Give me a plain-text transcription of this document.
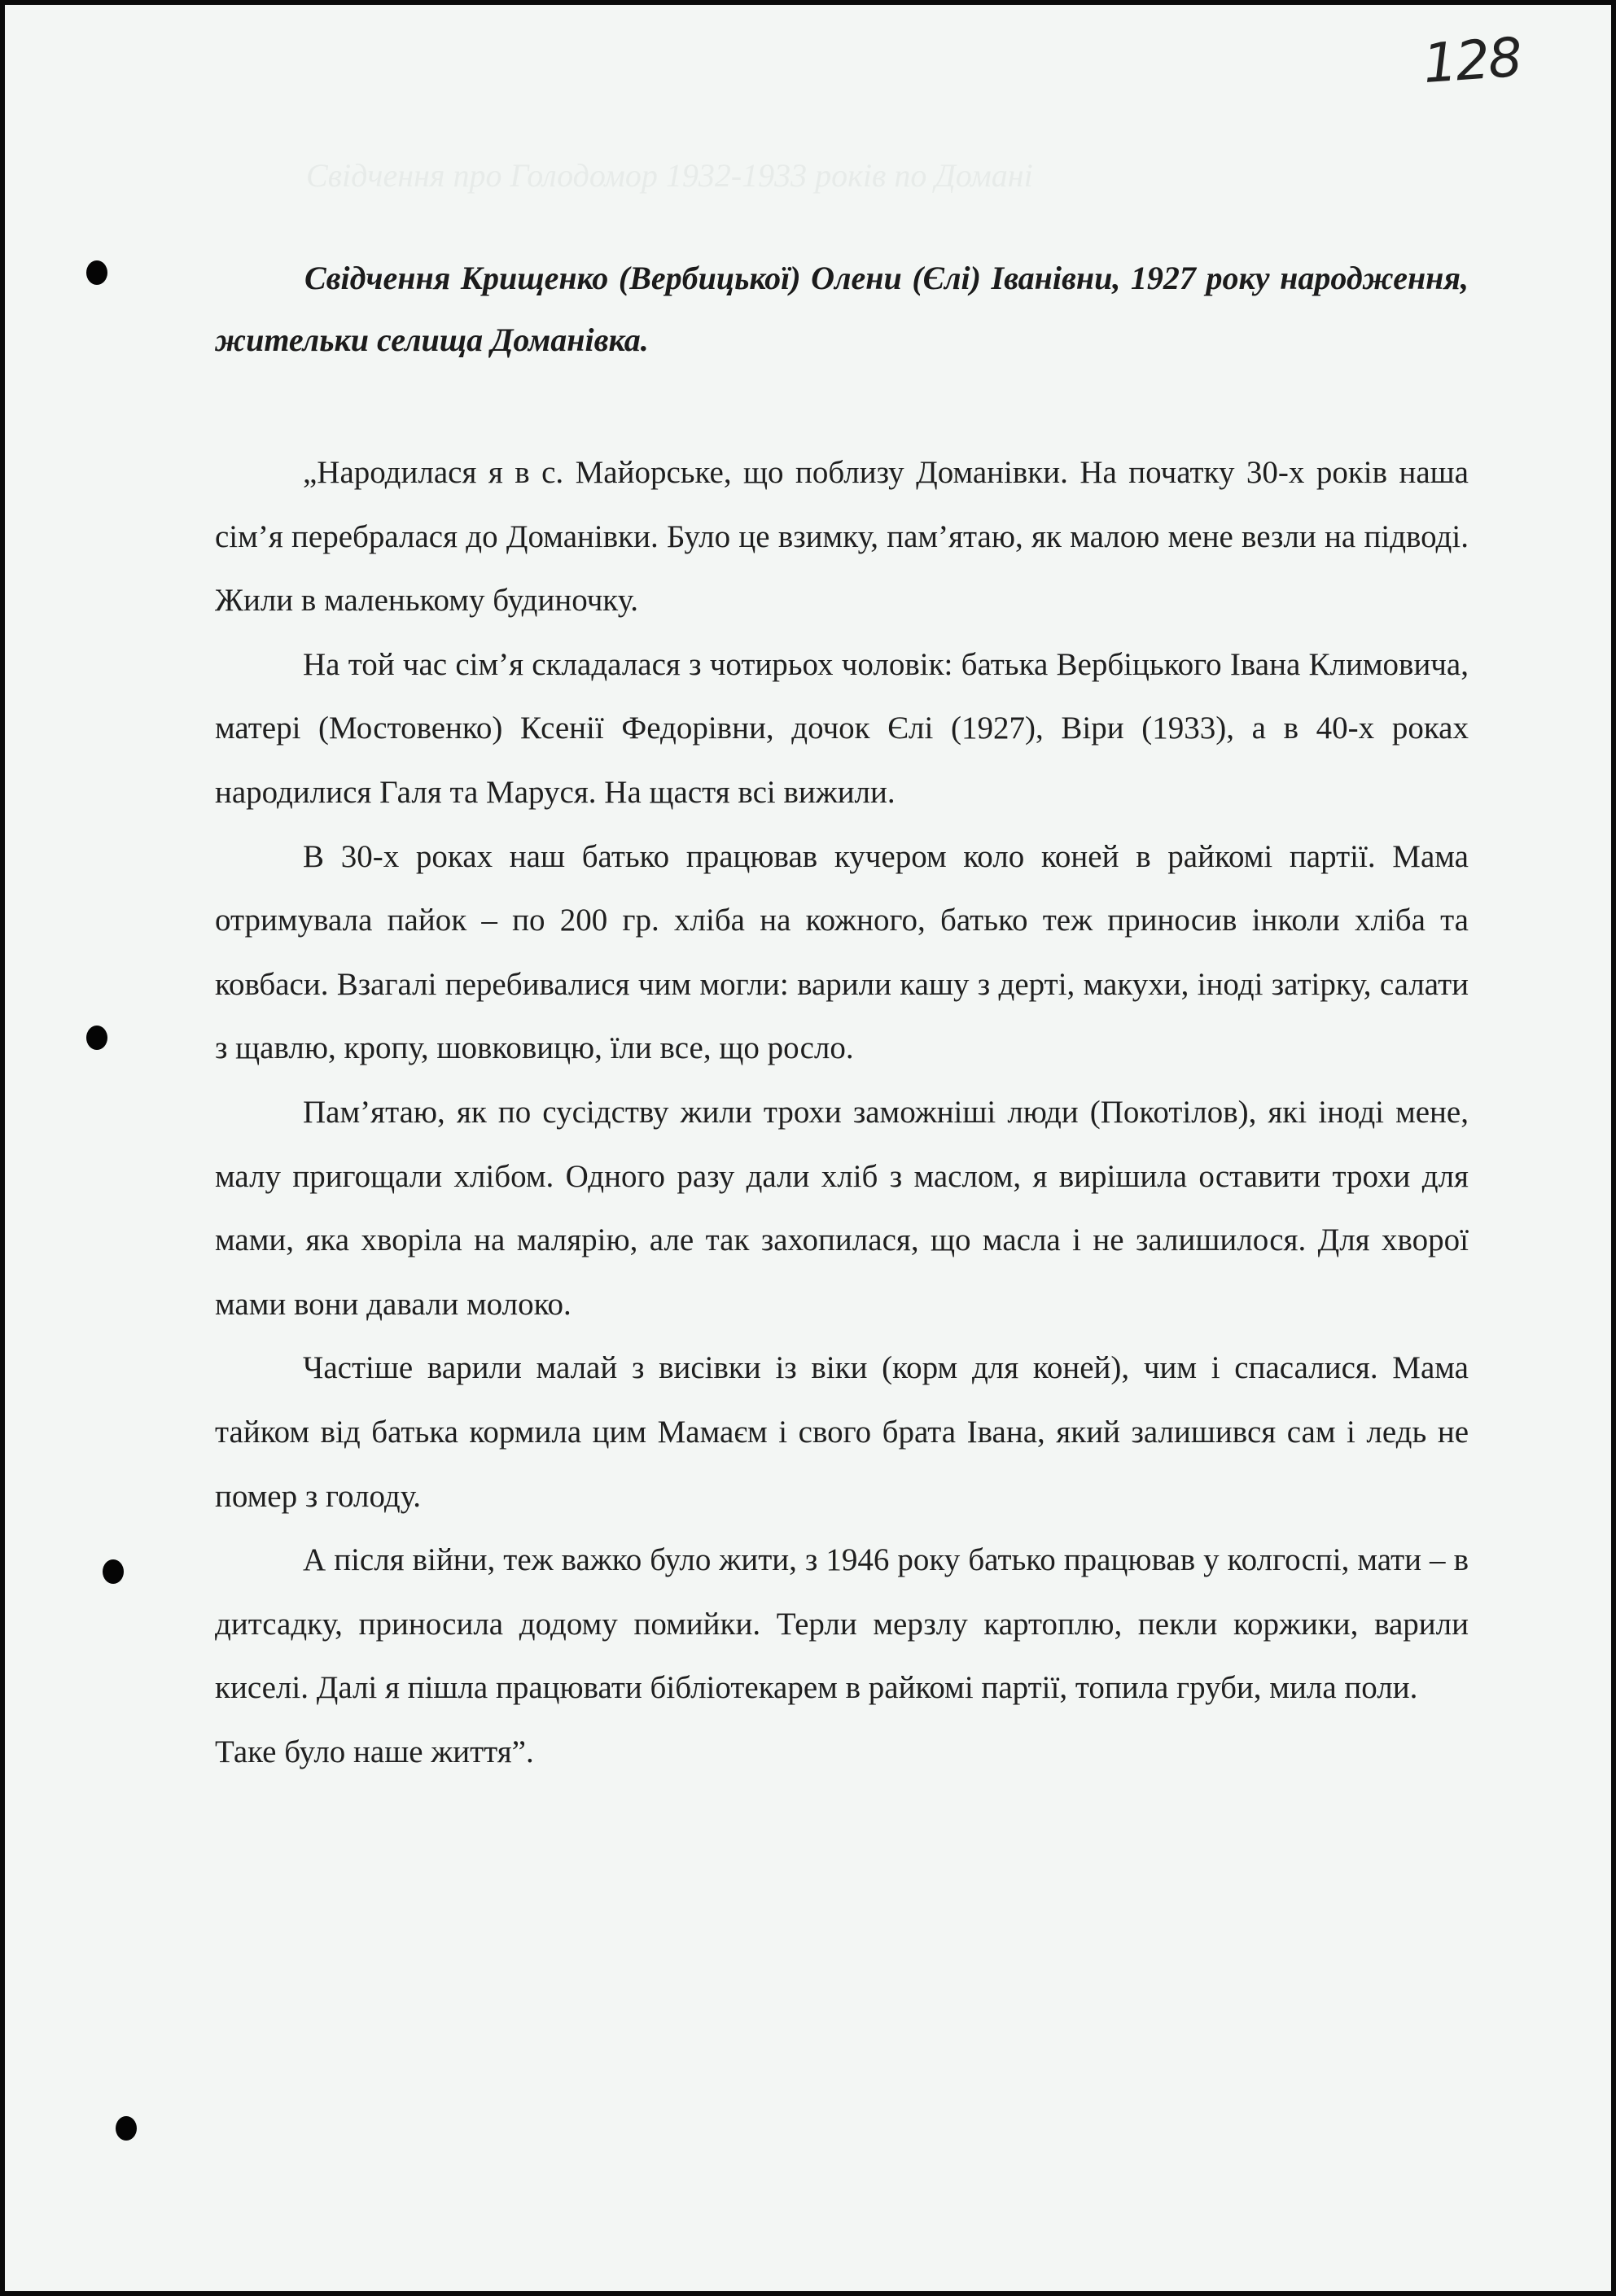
128
Свідчення про Голодомор 1932-1933 років по Домані

Свідчення Крищенко (Вербицької) Олени (Єлі) Іванівни, 1927 року народження, жительки селища Доманівка.

„Народилася я в с. Майорське, що поблизу Доманівки. На початку 30-х років наша сім’я перебралася до Доманівки. Було це взимку, пам’ятаю, як малою мене везли на підводі. Жили в маленькому будиночку.

На той час сім’я складалася з чотирьох чоловік: батька Вербіцького Івана Климовича, матері (Мостовенко) Ксенії Федорівни, дочок Єлі (1927), Віри (1933), а в 40-х роках народилися Галя та Маруся. На щастя всі вижили.

В 30-х роках наш батько працював кучером коло коней в райкомі партії. Мама отримувала пайок – по 200 гр. хліба на кожного, батько теж приносив інколи хліба та ковбаси. Взагалі перебивалися чим могли: варили кашу з дерті, макухи, іноді затірку, салати з щавлю, кропу, шовковицю, їли все, що росло.

Пам’ятаю, як по сусідству жили трохи заможніші люди (Покотілов), які іноді мене, малу пригощали хлібом. Одного разу дали хліб з маслом, я вирішила оставити трохи для мами, яка хворіла на малярію, але так захопилася, що масла і не залишилося. Для хворої мами вони давали молоко.

Частіше варили малай з висівки із віки (корм для коней), чим і спасалися. Мама тайком від батька кормила цим Мамаєм і свого брата Івана, який залишився сам і ледь не помер з голоду.

А після війни, теж важко було жити, з 1946 року батько працював у колгоспі, мати – в дитсадку, приносила додому помийки. Терли мерзлу картоплю, пекли коржики, варили киселі. Далі я пішла працювати бібліотекарем в райкомі партії, топила груби, мила поли.

Таке було наше життя”.
